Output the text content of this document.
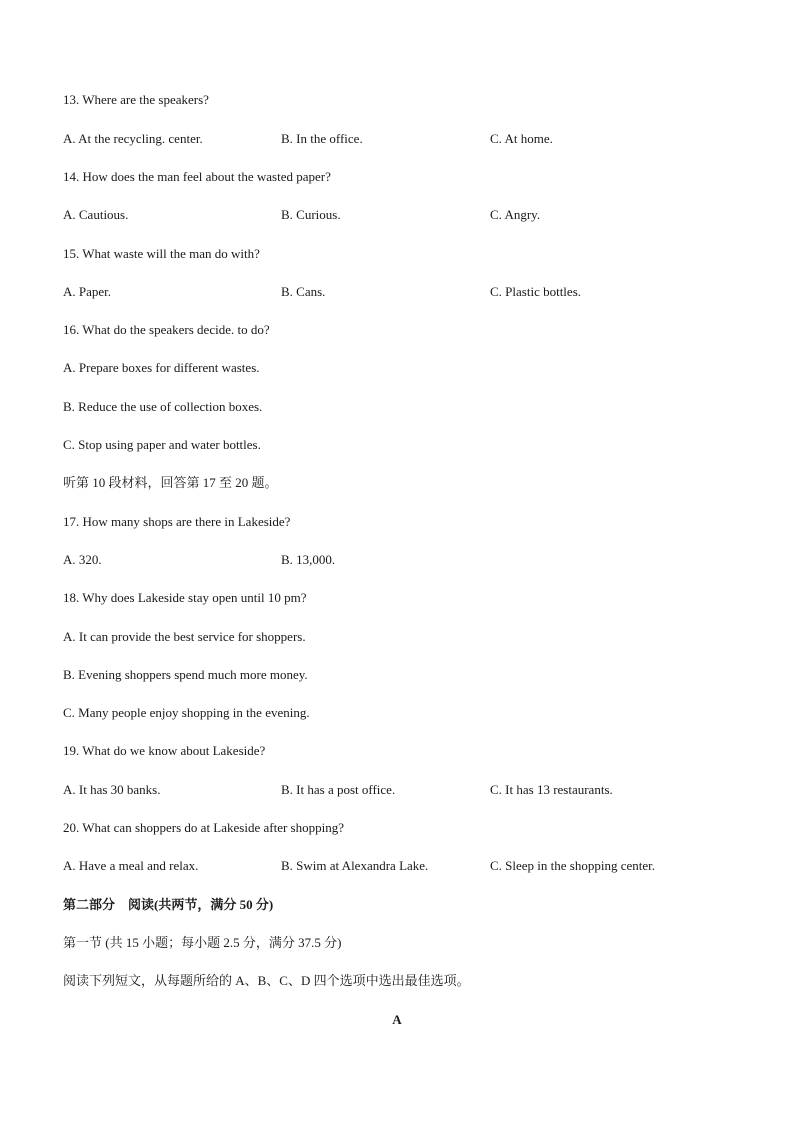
13. Where are the speakers?
A. At the recycling. center.	B. In the office.	C. At home.
14. How does the man feel about the wasted paper?
A. Cautious.	B. Curious.	C. Angry.
15. What waste will the man do with?
A. Paper.	B. Cans.	C. Plastic bottles.
16. What do the speakers decide. to do?
A. Prepare boxes for different wastes.
B. Reduce the use of collection boxes.
C. Stop using paper and water bottles.
听第 10 段材料，回答第 17 至 20 题。
17. How many shops are there in Lakeside?
A. 320.	B. 13,000.
18. Why does Lakeside stay open until 10 pm?
A. It can provide the best service for shoppers.
B. Evening shoppers spend much more money.
C. Many people enjoy shopping in the evening.
19. What do we know about Lakeside?
A. It has 30 banks.	B. It has a post office.	C. It has 13 restaurants.
20. What can shoppers do at Lakeside after shopping?
A. Have a meal and relax.	B. Swim at Alexandra Lake.	C. Sleep in the shopping center.
第二部分　阅读(共两节，满分 50 分)
第一节 (共 15 小题；每小题 2.5 分，满分 37.5 分)
阅读下列短文，从每题所给的 A、B、C、D 四个选项中选出最佳选项。
A
